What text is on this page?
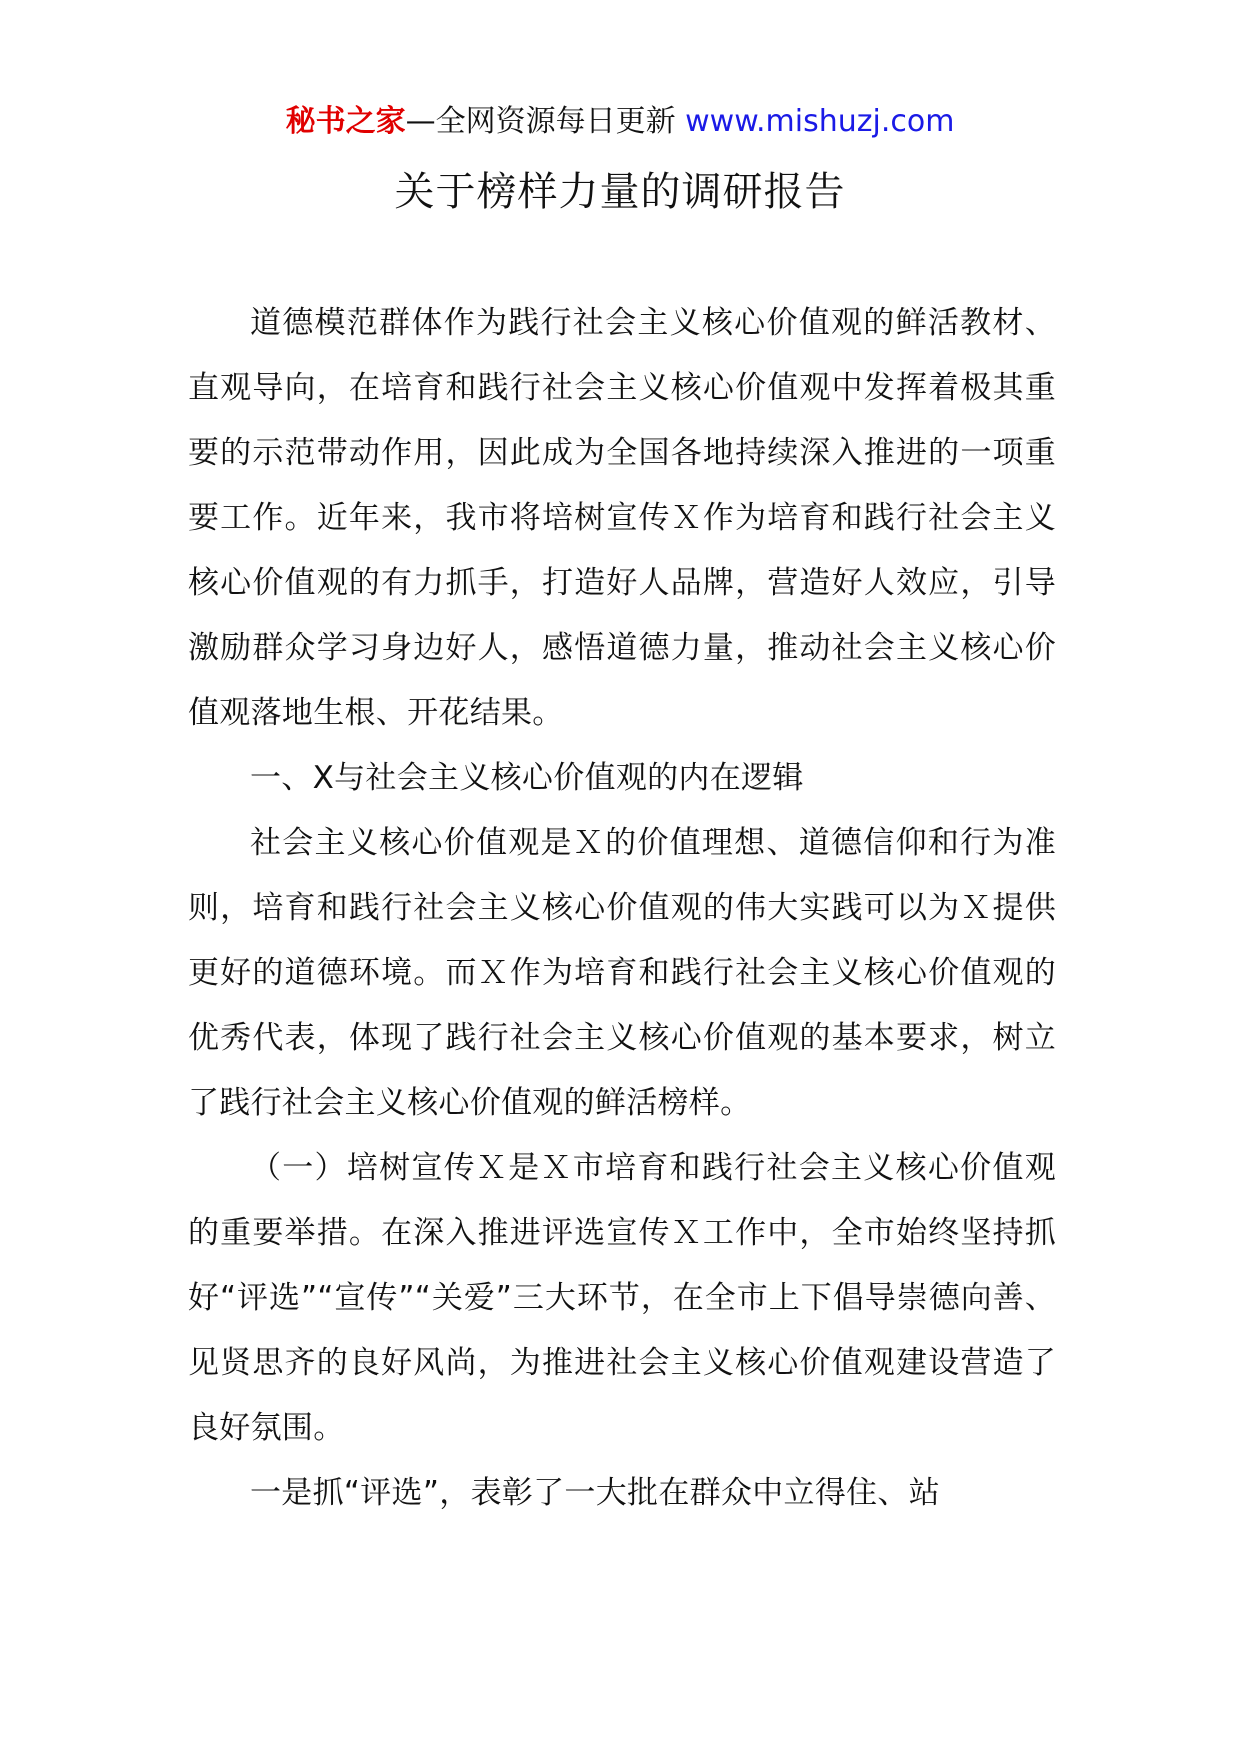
秘书之家—全网资源每日更新 www.mishuzj.com
关于榜样力量的调研报告

道德模范群体作为践行社会主义核心价值观的鲜活教材、直观导向，在培育和践行社会主义核心价值观中发挥着极其重要的示范带动作用，因此成为全国各地持续深入推进的一项重要工作。近年来，我市将培树宣传Ｘ作为培育和践行社会主义核心价值观的有力抓手，打造好人品牌，营造好人效应，引导激励群众学习身边好人，感悟道德力量，推动社会主义核心价值观落地生根、开花结果。

一、X与社会主义核心价值观的内在逻辑

社会主义核心价值观是Ｘ的价值理想、道德信仰和行为准则，培育和践行社会主义核心价值观的伟大实践可以为Ｘ提供更好的道德环境。而Ｘ作为培育和践行社会主义核心价值观的优秀代表，体现了践行社会主义核心价值观的基本要求，树立了践行社会主义核心价值观的鲜活榜样。

（一）培树宣传Ｘ是Ｘ市培育和践行社会主义核心价值观的重要举措。在深入推进评选宣传Ｘ工作中，全市始终坚持抓好“评选”“宣传”“关爱”三大环节，在全市上下倡导崇德向善、见贤思齐的良好风尚，为推进社会主义核心价值观建设营造了良好氛围。

一是抓“评选”，表彰了一大批在群众中立得住、站
